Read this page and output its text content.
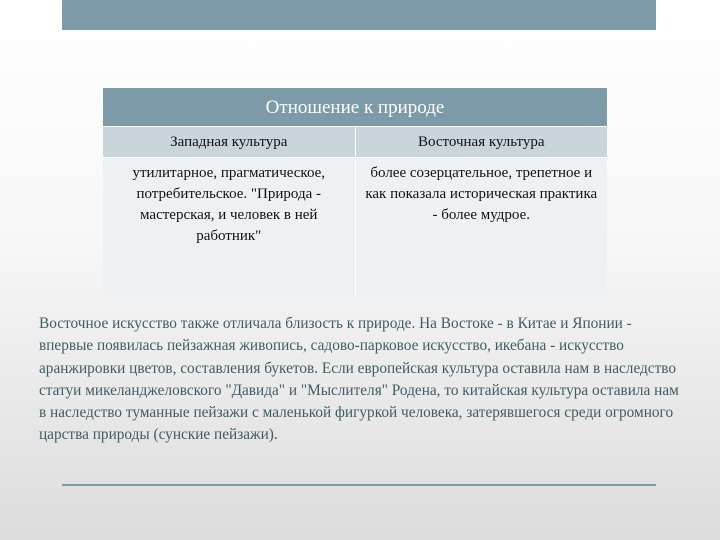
Отношение к природе	
Западная культура	Восточная культура

утилитарное, прагматическое, потребительское. "Природа - мастерская, и человек в ней работник"	более созерцательное, трепетное и как показала историческая практика - более мудрое.

Восточное искусство также отличала близость к природе. На Востоке - в Китае и Японии - впервые появилась пейзажная живопись, садово-парковое искусство, икебана - искусство аранжировки цветов, составления букетов. Если европейская культура оставила нам в наследство статуи микеланджеловского "Давида" и "Мыслителя" Родена, то китайская культура оставила нам в наследство туманные пейзажи с маленькой фигуркой человека, затерявшегося среди огромного царства природы (сунские пейзажи).
